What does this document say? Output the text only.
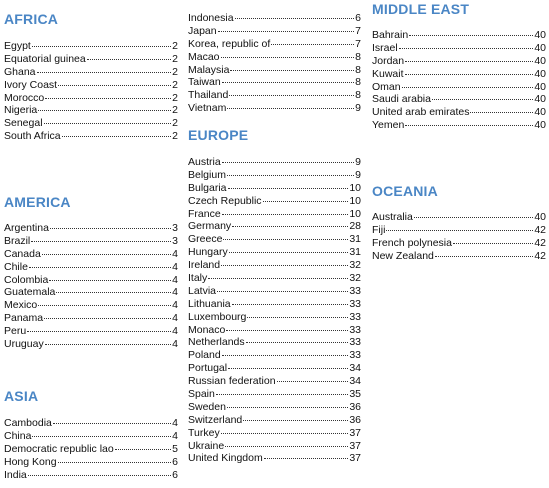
AFRICA
Egypt	2
Equatorial guinea	2
Ghana	2
Ivory Coast	2
Morocco	2
Nigeria	2
Senegal	2
South Africa	2
AMERICA
Argentina	3
Brazil	3
Canada	4
Chile	4
Colombia	4
Guatemala	4
Mexico	4
Panama	4
Peru	4
Uruguay	4
ASIA
Cambodia	4
China	4
Democratic republic lao	5
Hong Kong	6
India	6
Indonesia	6
Japan	7
Korea, republic of	7
Macao	8
Malaysia	8
Taiwan	8
Thailand	8
Vietnam	9
EUROPE
Austria	9
Belgium	9
Bulgaria	10
Czech Republic	10
France	10
Germany	28
Greece	31
Hungary	31
Ireland	32
Italy	32
Latvia	33
Lithuania	33
Luxembourg	33
Monaco	33
Netherlands	33
Poland	33
Portugal	34
Russian federation	34
Spain	35
Sweden	36
Switzerland	36
Turkey	37
Ukraine	37
United Kingdom	37
MIDDLE EAST
Bahrain	40
Israel	40
Jordan	40
Kuwait	40
Oman	40
Saudi arabia	40
United arab emirates	40
Yemen	40
OCEANIA
Australia	40
Fiji	42
French polynesia	42
New Zealand	42
